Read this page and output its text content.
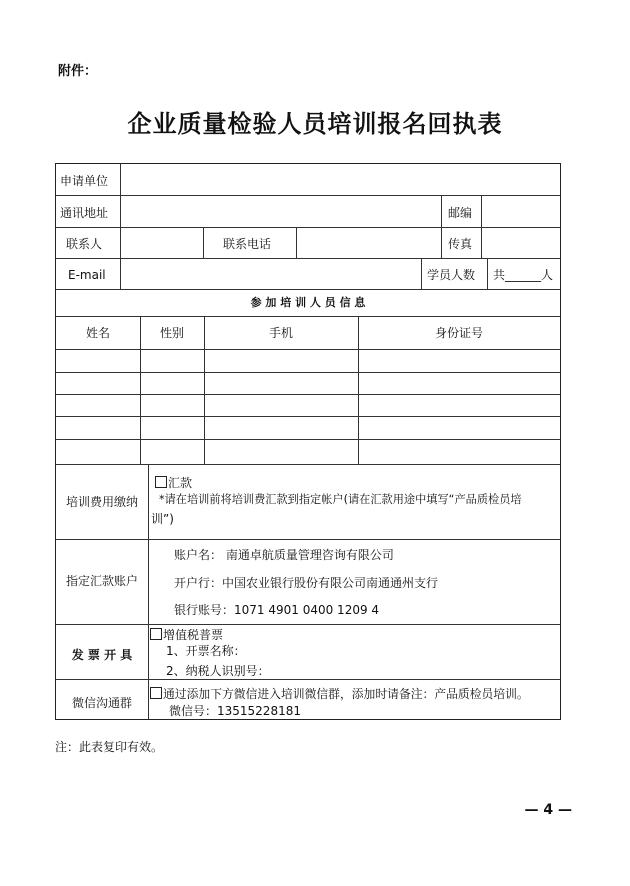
附件：
企业质量检验人员培训报名回执表
申请单位
通讯地址	邮编
联系人	联系电话	传真
E-mail	学员人数 共______人
参 加 培 训 人 员 信 息
姓名	性别	手机	身份证号
培训费用缴纳
汇款
*请在培训前将培训费汇款到指定帐户(请在汇款用途中填写“产品质检员培
训”)
指定汇款账户
账户名： 南通卓航质量管理咨询有限公司
开户行：中国农业银行股份有限公司南通通州支行
银行账号：1071 4901 0400 1209 4
发 票 开 具
增值税普票
1、开票名称：
2、纳税人识别号：
微信沟通群
通过添加下方微信进入培训微信群，添加时请备注：产品质检员培训。
微信号：13515228181
注：此表复印有效。
— 4 —
